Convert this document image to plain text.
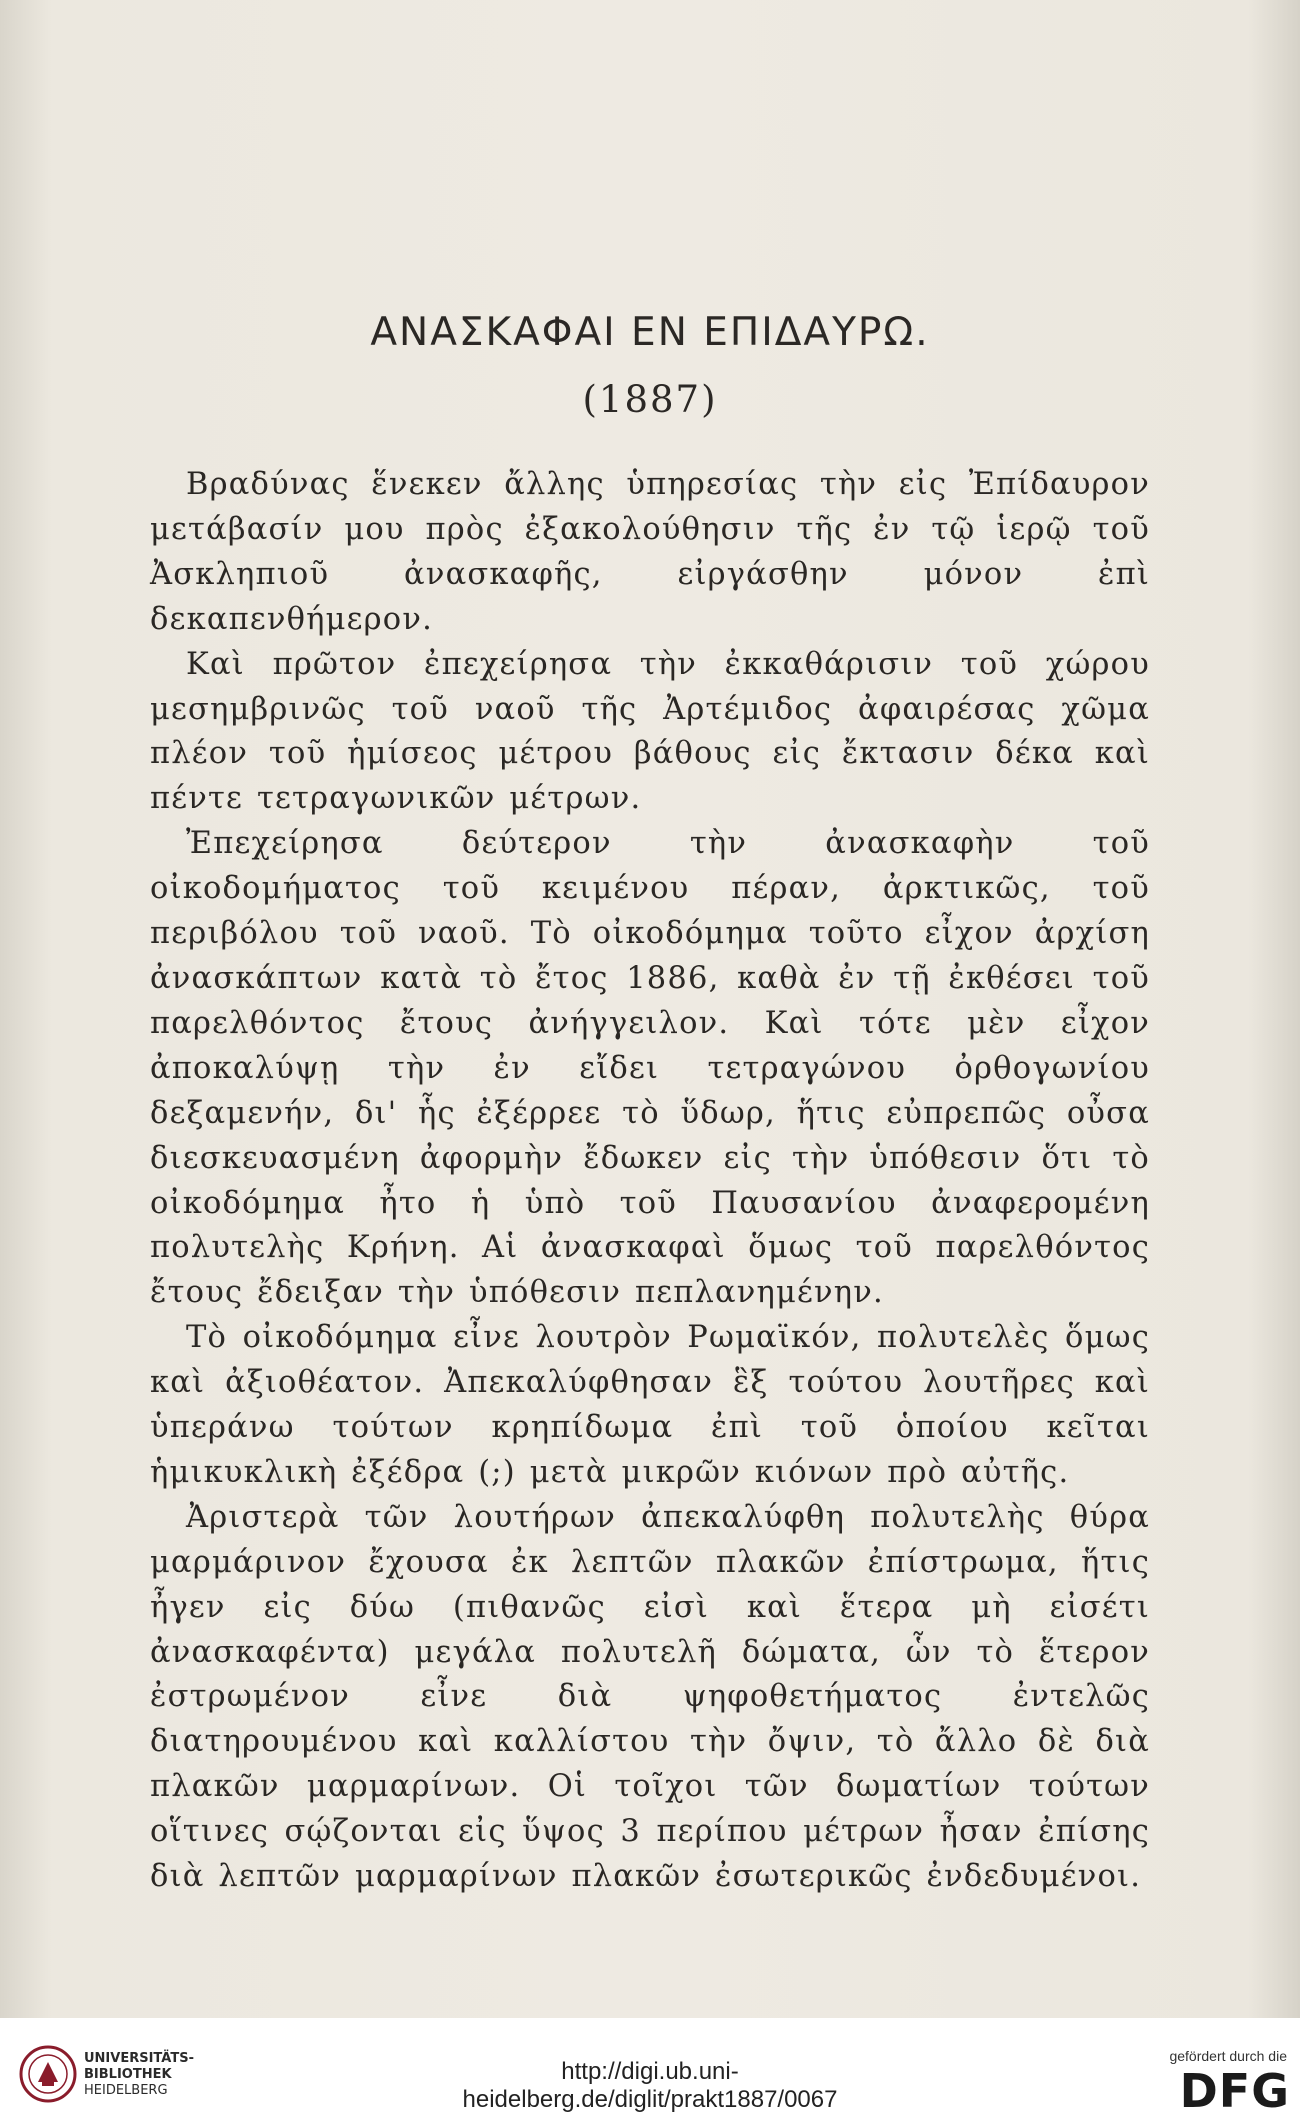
ΑΝΑΣΚΑΦΑΙ ΕΝ ΕΠΙΔΑΥΡΩ.
(1887)

Βραδύνας ἕνεκεν ἄλλης ὑπηρεσίας τὴν εἰς Ἐπίδαυρον μετάβασίν μου πρὸς ἐξακολούθησιν τῆς ἐν τῷ ἱερῷ τοῦ Ἀσκληπιοῦ ἀνασκαφῆς, εἰργάσθην μόνον ἐπὶ δεκαπενθήμερον.

Καὶ πρῶτον ἐπεχείρησα τὴν ἐκκαθάρισιν τοῦ χώρου μεσημβρινῶς τοῦ ναοῦ τῆς Ἀρτέμιδος ἀφαιρέσας χῶμα πλέον τοῦ ἡμίσεος μέτρου βάθους εἰς ἔκτασιν δέκα καὶ πέντε τετραγωνικῶν μέτρων.

Ἐπεχείρησα δεύτερον τὴν ἀνασκαφὴν τοῦ οἰκοδομήματος τοῦ κειμένου πέραν, ἀρκτικῶς, τοῦ περιβόλου τοῦ ναοῦ. Τὸ οἰκοδόμημα τοῦτο εἶχον ἀρχίση ἀνασκάπτων κατὰ τὸ ἔτος 1886, καθὰ ἐν τῇ ἐκθέσει τοῦ παρελθόντος ἔτους ἀνήγγειλον. Καὶ τότε μὲν εἶχον ἀποκαλύψῃ τὴν ἐν εἴδει τετραγώνου ὀρθογωνίου δεξαμενήν, δι' ἧς ἐξέρρεε τὸ ὕδωρ, ἥτις εὐπρεπῶς οὖσα διεσκευασμένη ἀφορμὴν ἔδωκεν εἰς τὴν ὑπόθεσιν ὅτι τὸ οἰκοδόμημα ἦτο ἡ ὑπὸ τοῦ Παυσανίου ἀναφερομένη πολυτελὴς Κρήνη. Αἱ ἀνασκαφαὶ ὅμως τοῦ παρελθόντος ἔτους ἔδειξαν τὴν ὑπόθεσιν πεπλανημένην.

Τὸ οἰκοδόμημα εἶνε λουτρὸν Ρωμαϊκόν, πολυτελὲς ὅμως καὶ ἀξιοθέατον. Ἀπεκαλύφθησαν ἓξ τούτου λουτῆρες καὶ ὑπεράνω τούτων κρηπίδωμα ἐπὶ τοῦ ὁποίου κεῖται ἡμικυκλικὴ ἐξέδρα (;) μετὰ μικρῶν κιόνων πρὸ αὐτῆς.

Ἀριστερὰ τῶν λουτήρων ἀπεκαλύφθη πολυτελὴς θύρα μαρμάρινον ἔχουσα ἐκ λεπτῶν πλακῶν ἐπίστρωμα, ἥτις ἦγεν εἰς δύω (πιθανῶς εἰσὶ καὶ ἕτερα μὴ εἰσέτι ἀνασκαφέντα) μεγάλα πολυτελῆ δώματα, ὧν τὸ ἕτερον ἐστρωμένον εἶνε διὰ ψηφοθετήματος ἐντελῶς διατηρουμένου καὶ καλλίστου τὴν ὄψιν, τὸ ἄλλο δὲ διὰ πλακῶν μαρμαρίνων. Οἱ τοῖχοι τῶν δωματίων τούτων οἵτινες σῴζονται εἰς ὕψος 3 περίπου μέτρων ἦσαν ἐπίσης διὰ λεπτῶν μαρμαρίνων πλακῶν ἐσωτερικῶς ἐνδεδυμένοι.

UNIVERSITÄTS-
BIBLIOTHEK
HEIDELBERG
http://digi.ub.uni-heidelberg.de/diglit/prakt1887/0067
gefördert durch die
DFG
